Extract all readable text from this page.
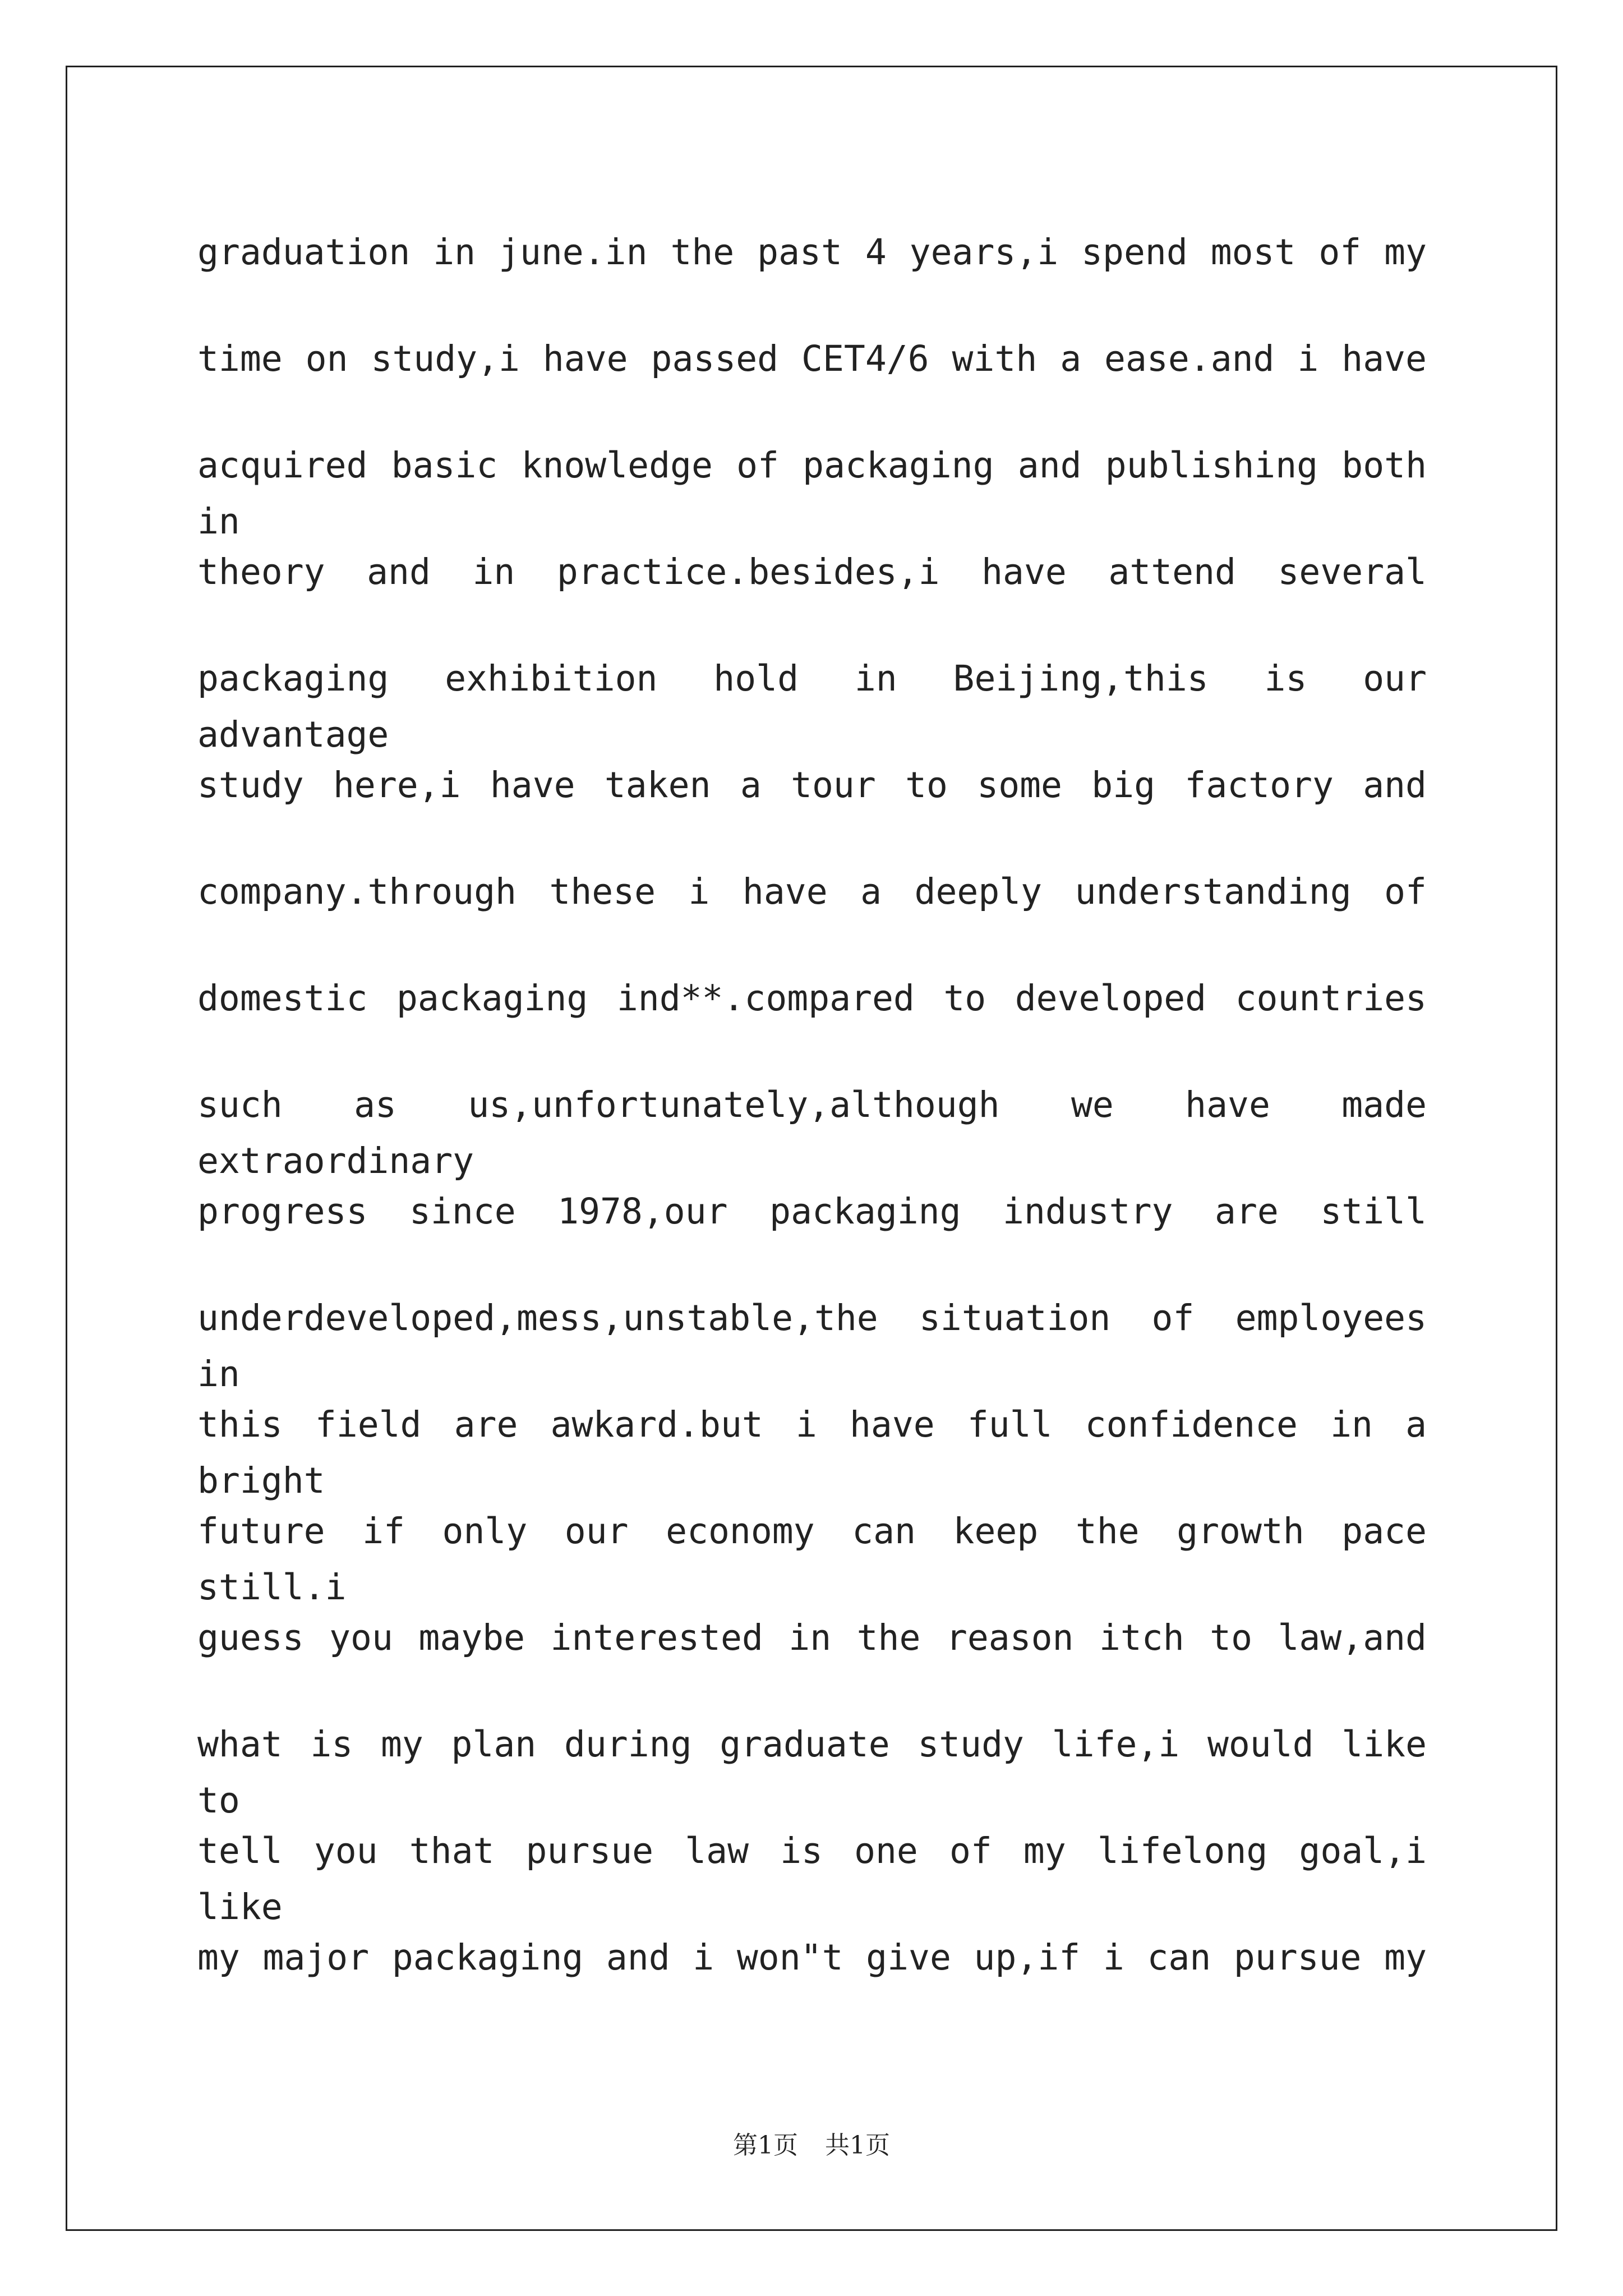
graduation in june.in the past 4 years,i spend most of my
time on study,i have passed CET4/6 with a ease.and i have
acquired basic knowledge of packaging and publishing both in
theory and in practice.besides,i have attend several
packaging exhibition hold in Beijing,this is our advantage
study here,i have taken a tour to some big factory and
company.through these i have a deeply understanding of
domestic packaging ind**.compared to developed countries
such as us,unfortunately,although we have made extraordinary
progress since 1978,our packaging industry are still
underdeveloped,mess,unstable,the situation of employees in
this field are awkard.but i have full confidence in a bright
future if only our economy can keep the growth pace still.i
guess you maybe interested in the reason itch to law,and
what is my plan during graduate study life,i would like to
tell you that pursue law is one of my lifelong goal,i like
my major packaging and i won"t give up,if i can pursue my
第1页 共1页
